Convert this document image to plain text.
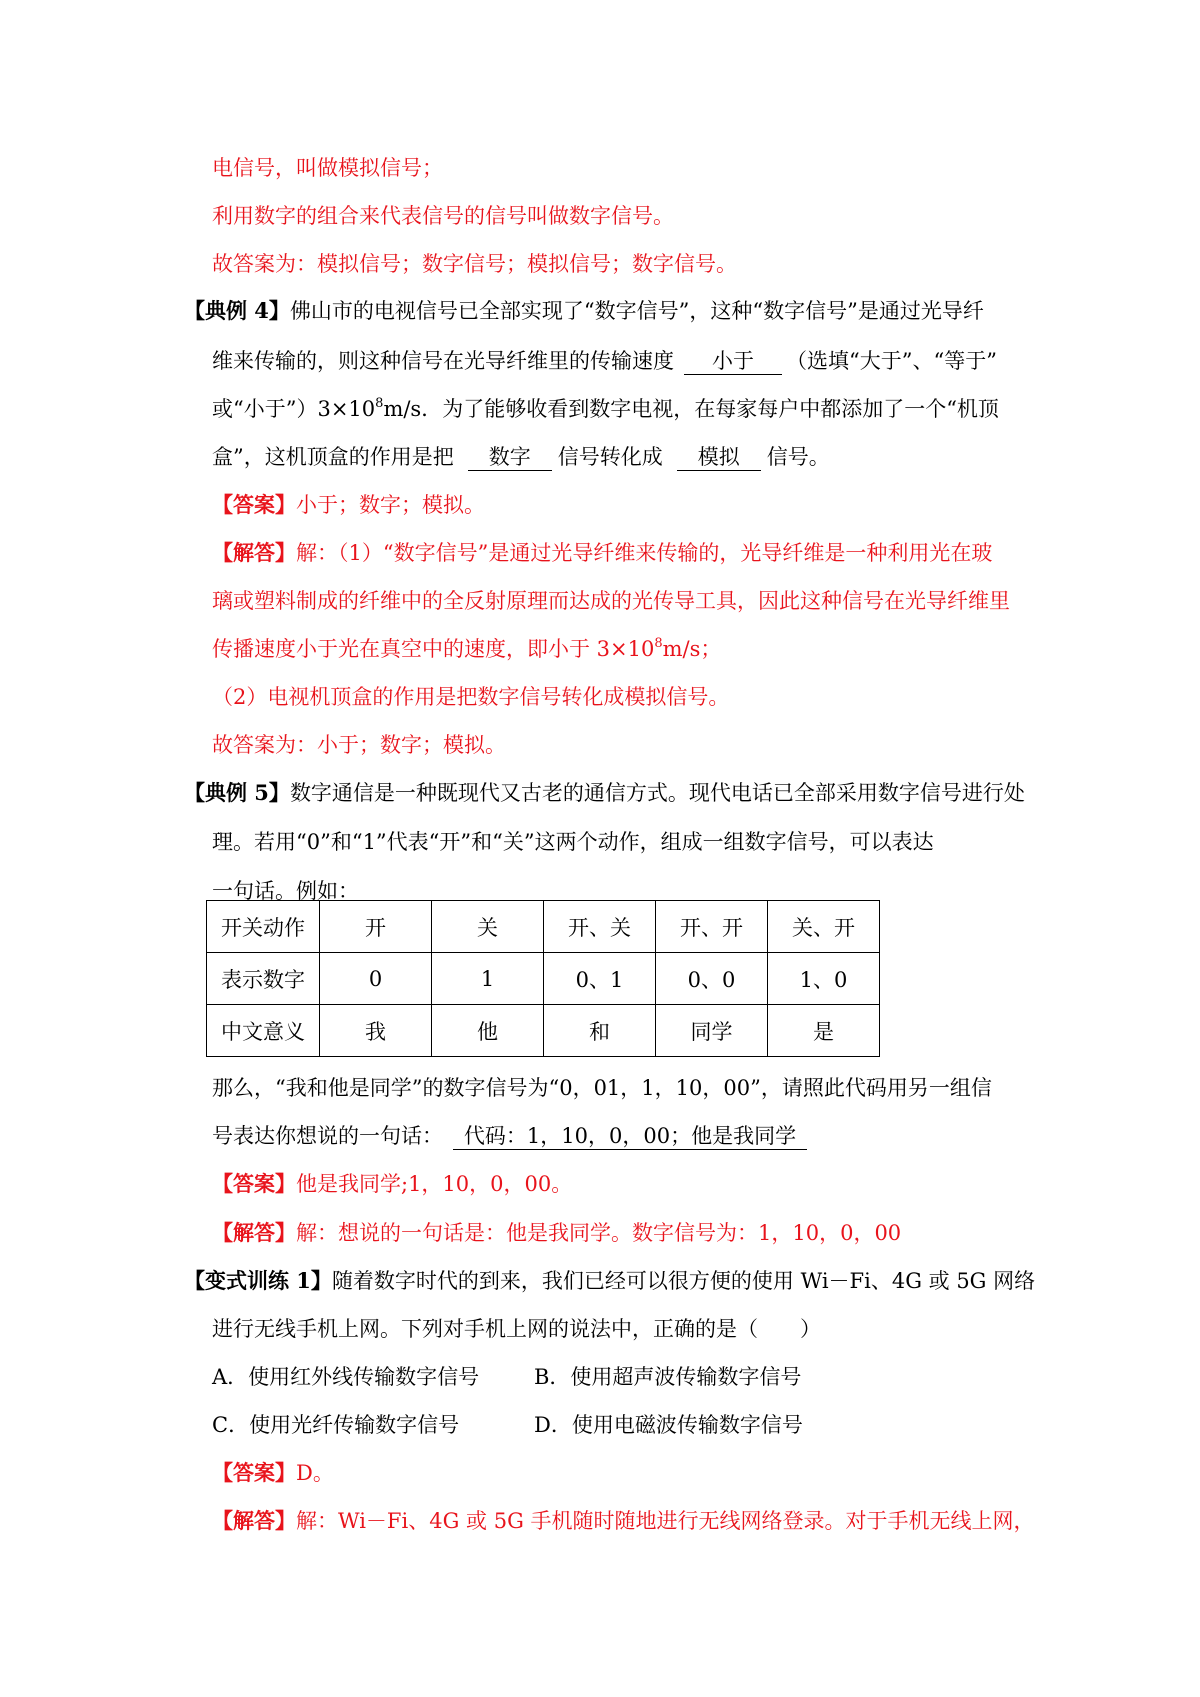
电信号，叫做模拟信号；
利用数字的组合来代表信号的信号叫做数字信号。
故答案为：模拟信号；数字信号；模拟信号；数字信号。
【典例 4】佛山市的电视信号已全部实现了“数字信号”，这种“数字信号”是通过光导纤
维来传输的，则这种信号在光导纤维里的传输速度 小于 （选填“大于”、“等于”
或“小于$”)3\times 10^8m/s$．为了能够收看到数字电视，在每家每户中都添加了一个“机顶
盒”，这机顶盒的作用是把 数字 信号转化成 模拟 信号。
【答案】小于；数字；模拟。
【解答】解：（1）“数字信号”是通过光导纤维来传输的，光导纤维是一种利用光在玻
璃或塑料制成的纤维中的全反射原理而达成的光传导工具，因此这种信号在光导纤维里
传播速度小于光在真空中的速度，即小于 $3\times 10^8m/s$；
（2）电视机顶盒的作用是把数字信号转化成模拟信号。
故答案为：小于；数字；模拟。
【典例 5】数字通信是一种既现代又古老的通信方式。现代电话已全部采用数字信号进行处
理。若用“0”和“1”代表“开”和“关”这两个动作，组成一组数字信号，可以表达
一句话。例如：
开关动作	开	关	开、关	开、开	关、开
表示数字	0	1	0、1	0、0	1、0
中文意义	我	他	和	同学	是
那么，“我和他是同学”的数字信号为“0，01，1，10，00”，请照此代码用另一组信
号表达你想说的一句话： 代码：1，10，0，00；他是我同学
【答案】他是我同学;1，10，0，00。
【解答】解：想说的一句话是：他是我同学。数字信号为：1，10，0，00
【变式训练 1】随着数字时代的到来，我们已经可以很方便的使用 Wi－Fi、4G 或 5G 网络
进行无线手机上网。下列对手机上网的说法中，正确的是（　　）
A．使用红外线传输数字信号	B．使用超声波传输数字信号
C．使用光纤传输数字信号	D．使用电磁波传输数字信号
【答案】D。
【解答】解：Wi－Fi、4G 或 5G 手机随时随地进行无线网络登录。对于手机无线上网，
